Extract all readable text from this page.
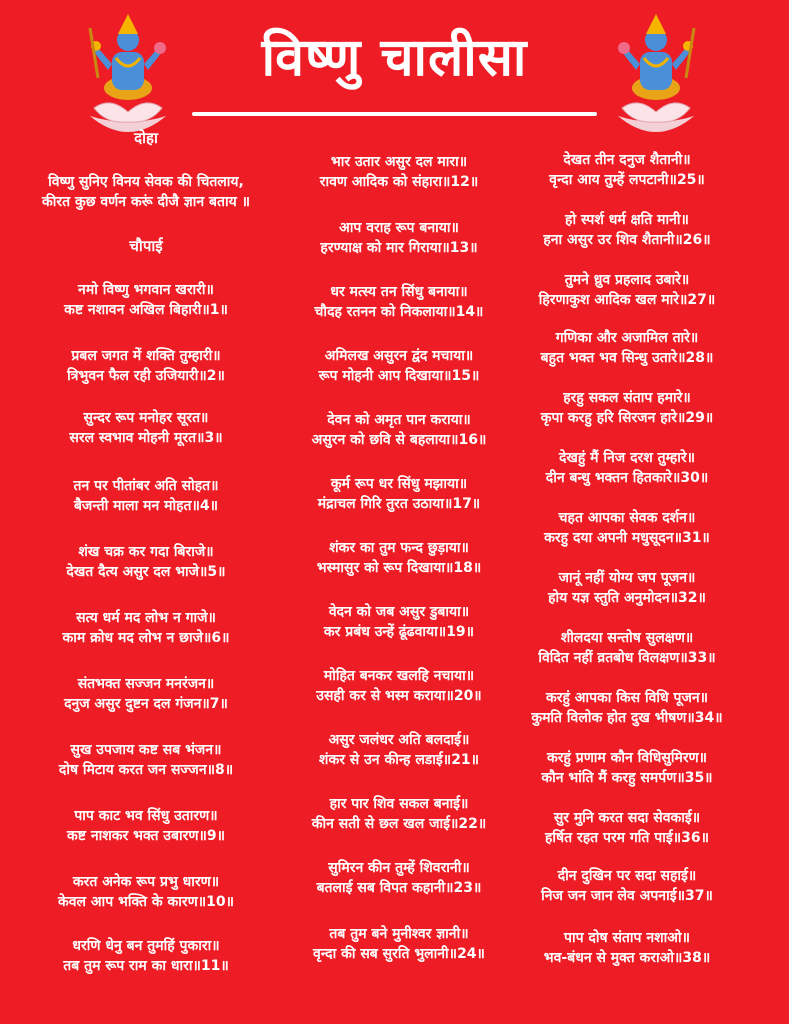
विष्णु चालीसा
दोहा
विष्णु सुनिए विनय सेवक की चितलाय,
कीरत कुछ वर्णन करूं दीजै ज्ञान बताय ॥
चौपाई
नमो विष्णु भगवान खरारी॥
कष्ट नशावन अखिल बिहारी॥1॥
प्रबल जगत में शक्ति तुम्हारी॥
त्रिभुवन फैल रही उजियारी॥2॥
सुन्दर रूप मनोहर सूरत॥
सरल स्वभाव मोहनी मूरत॥3॥
तन पर पीतांबर अति सोहत॥
बैजन्ती माला मन मोहत॥4॥
शंख चक्र कर गदा बिराजे॥
देखत दैत्य असुर दल भाजे॥5॥
सत्य धर्म मद लोभ न गाजे॥
काम क्रोध मद लोभ न छाजे॥6॥
संतभक्त सज्जन मनरंजन॥
दनुज असुर दुष्टन दल गंजन॥7॥
सुख उपजाय कष्ट सब भंजन॥
दोष मिटाय करत जन सज्जन॥8॥
पाप काट भव सिंधु उतारण॥
कष्ट नाशकर भक्त उबारण॥9॥
करत अनेक रूप प्रभु धारण॥
केवल आप भक्ति के कारण॥10॥
धरणि धेनु बन तुमहिं पुकारा॥
तब तुम रूप राम का धारा॥11॥
भार उतार असुर दल मारा॥
रावण आदिक को संहारा॥12॥
आप वराह रूप बनाया॥
हरण्याक्ष को मार गिराया॥13॥
धर मत्स्य तन सिंधु बनाया॥
चौदह रतनन को निकलाया॥14॥
अमिलख असुरन द्वंद मचाया॥
रूप मोहनी आप दिखाया॥15॥
देवन को अमृत पान कराया॥
असुरन को छवि से बहलाया॥16॥
कूर्म रूप धर सिंधु मझाया॥
मंद्राचल गिरि तुरत उठाया॥17॥
शंकर का तुम फन्द छुड़ाया॥
भस्मासुर को रूप दिखाया॥18॥
वेदन को जब असुर डुबाया॥
कर प्रबंध उन्हें ढूंढवाया॥19॥
मोहित बनकर खलहि नचाया॥
उसही कर से भस्म कराया॥20॥
असुर जलंधर अति बलदाई॥
शंकर से उन कीन्ह लडाई॥21॥
हार पार शिव सकल बनाई॥
कीन सती से छल खल जाई॥22॥
सुमिरन कीन तुम्हें शिवरानी॥
बतलाई सब विपत कहानी॥23॥
तब तुम बने मुनीश्वर ज्ञानी॥
वृन्दा की सब सुरति भुलानी॥24॥
देखत तीन दनुज शैतानी॥
वृन्दा आय तुम्हें लपटानी॥25॥
हो स्पर्श धर्म क्षति मानी॥
हना असुर उर शिव शैतानी॥26॥
तुमने ध्रुव प्रहलाद उबारे॥
हिरणाकुश आदिक खल मारे॥27॥
गणिका और अजामिल तारे॥
बहुत भक्त भव सिन्धु उतारे॥28॥
हरहु सकल संताप हमारे॥
कृपा करहु हरि सिरजन हारे॥29॥
देखहुं मैं निज दरश तुम्हारे॥
दीन बन्धु भक्तन हितकारे॥30॥
चहत आपका सेवक दर्शन॥
करहु दया अपनी मधुसूदन॥31॥
जानूं नहीं योग्य जप पूजन॥
होय यज्ञ स्तुति अनुमोदन॥32॥
शीलदया सन्तोष सुलक्षण॥
विदित नहीं व्रतबोध विलक्षण॥33॥
करहुं आपका किस विधि पूजन॥
कुमति विलोक होत दुख भीषण॥34॥
करहुं प्रणाम कौन विधिसुमिरण॥
कौन भांति मैं करहु समर्पण॥35॥
सुर मुनि करत सदा सेवकाई॥
हर्षित रहत परम गति पाई॥36॥
दीन दुखिन पर सदा सहाई॥
निज जन जान लेव अपनाई॥37॥
पाप दोष संताप नशाओ॥
भव-बंधन से मुक्त कराओ॥38॥
